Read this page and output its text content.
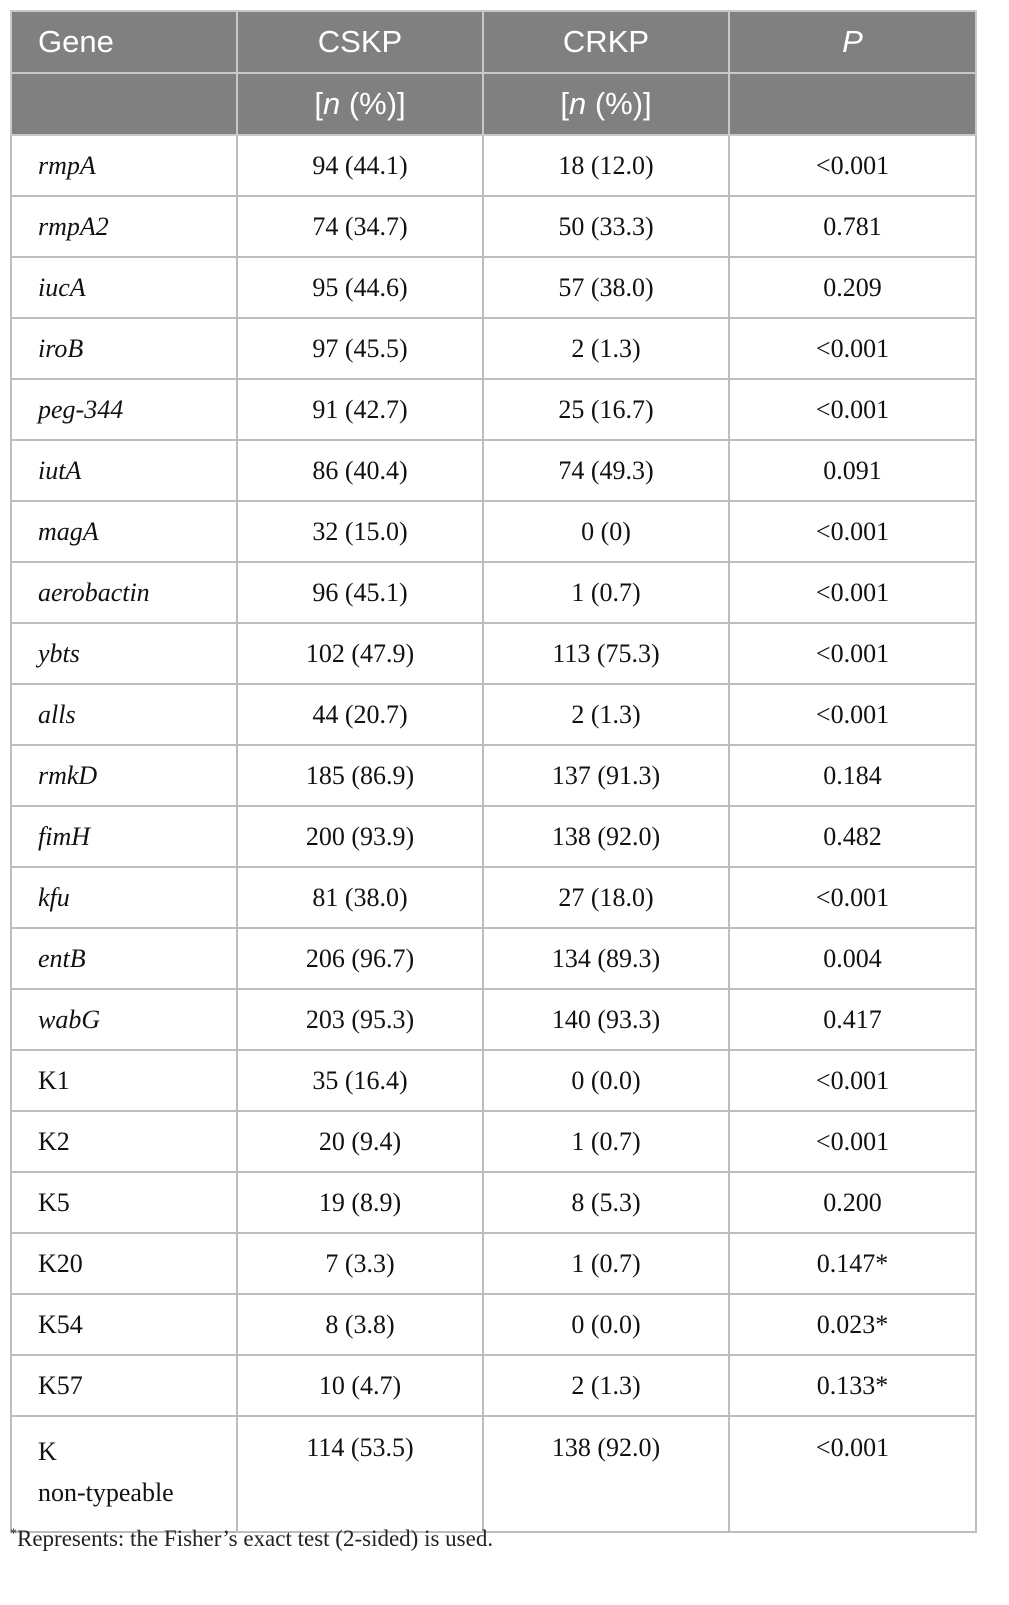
Gene	CSKP	CRKP	P
	[n (%)]	[n (%)]	
rmpA	94 (44.1)	18 (12.0)	<0.001
rmpA2	74 (34.7)	50 (33.3)	0.781
iucA	95 (44.6)	57 (38.0)	0.209
iroB	97 (45.5)	2 (1.3)	<0.001
peg-344	91 (42.7)	25 (16.7)	<0.001
iutA	86 (40.4)	74 (49.3)	0.091
magA	32 (15.0)	0 (0)	<0.001
aerobactin	96 (45.1)	1 (0.7)	<0.001
ybts	102 (47.9)	113 (75.3)	<0.001
alls	44 (20.7)	2 (1.3)	<0.001
rmkD	185 (86.9)	137 (91.3)	0.184
fimH	200 (93.9)	138 (92.0)	0.482
kfu	81 (38.0)	27 (18.0)	<0.001
entB	206 (96.7)	134 (89.3)	0.004
wabG	203 (95.3)	140 (93.3)	0.417
K1	35 (16.4)	0 (0.0)	<0.001
K2	20 (9.4)	1 (0.7)	<0.001
K5	19 (8.9)	8 (5.3)	0.200
K20	7 (3.3)	1 (0.7)	0.147*
K54	8 (3.8)	0 (0.0)	0.023*
K57	10 (4.7)	2 (1.3)	0.133*
K
non-typeable	114 (53.5)	138 (92.0)	<0.001
*Represents: the Fisher’s exact test (2-sided) is used.
